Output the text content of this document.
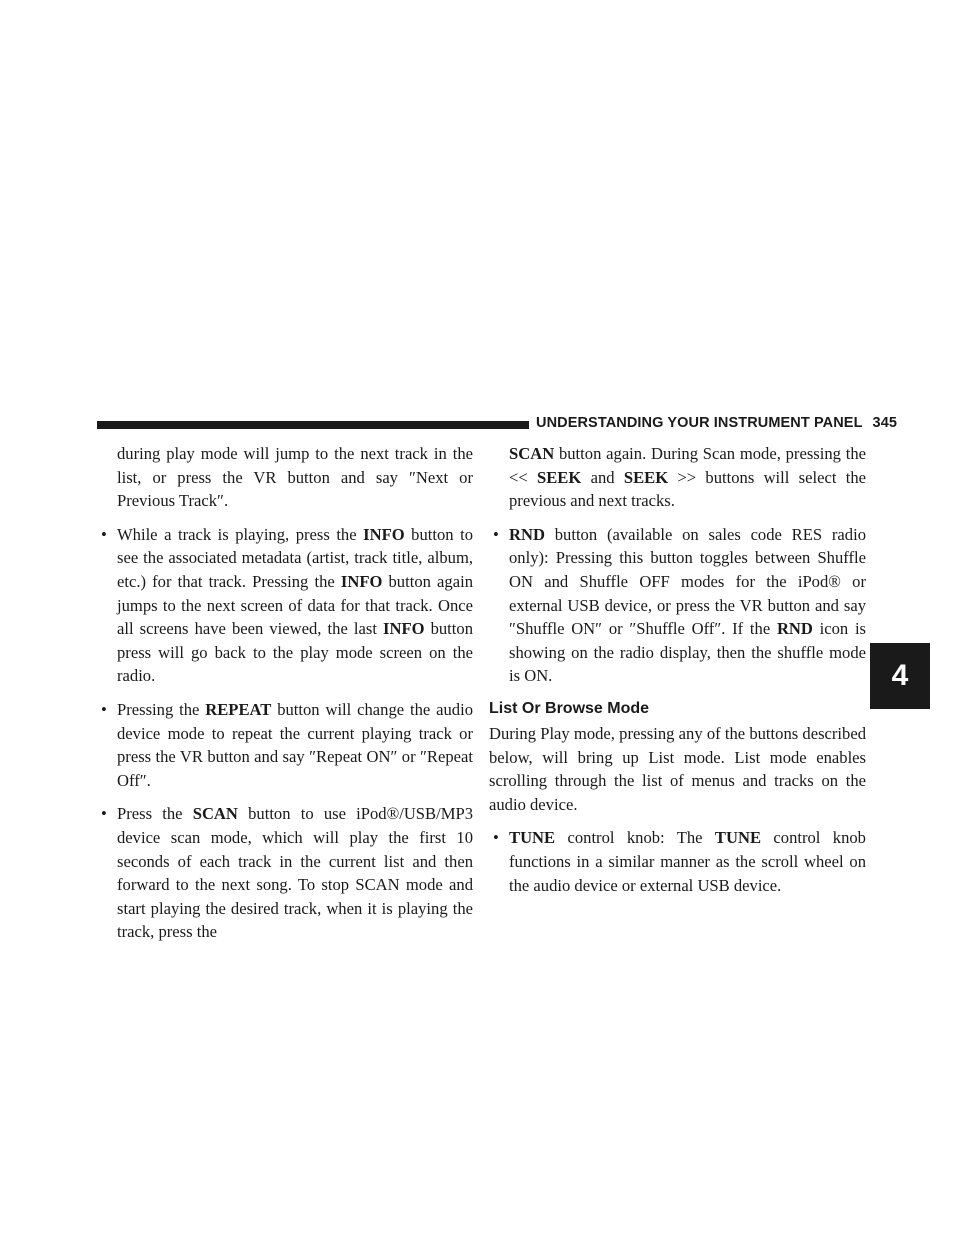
UNDERSTANDING YOUR INSTRUMENT PANEL 345
4

during play mode will jump to the next track in the list, or press the VR button and say ″Next or Previous Track″.

• While a track is playing, press the INFO button to see the associated metadata (artist, track title, album, etc.) for that track. Pressing the INFO button again jumps to the next screen of data for that track. Once all screens have been viewed, the last INFO button press will go back to the play mode screen on the radio.

• Pressing the REPEAT button will change the audio device mode to repeat the current playing track or press the VR button and say ″Repeat ON″ or ″Repeat Off″.

• Press the SCAN button to use iPod®/USB/MP3 device scan mode, which will play the first 10 seconds of each track in the current list and then forward to the next song. To stop SCAN mode and start playing the desired track, when it is playing the track, press the

SCAN button again. During Scan mode, pressing the << SEEK and SEEK >> buttons will select the previous and next tracks.

• RND button (available on sales code RES radio only): Pressing this button toggles between Shuffle ON and Shuffle OFF modes for the iPod® or external USB device, or press the VR button and say ″Shuffle ON″ or ″Shuffle Off″. If the RND icon is showing on the radio display, then the shuffle mode is ON.

List Or Browse Mode

During Play mode, pressing any of the buttons described below, will bring up List mode. List mode enables scrolling through the list of menus and tracks on the audio device.

• TUNE control knob: The TUNE control knob functions in a similar manner as the scroll wheel on the audio device or external USB device.
